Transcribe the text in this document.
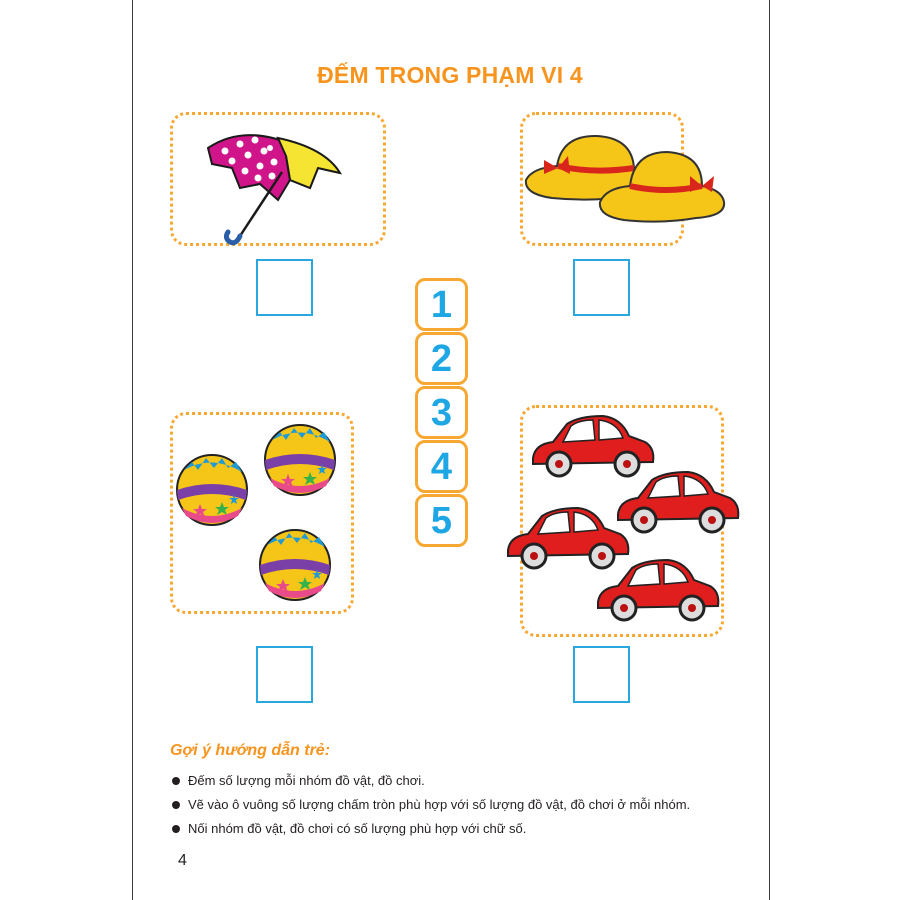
ĐẾM TRONG PHẠM VI 4
1
2
3
4
5
Gợi ý hướng dẫn trẻ:
Đếm số lượng mỗi nhóm đồ vật, đồ chơi.
Vẽ vào ô vuông số lượng chấm tròn phù hợp với số lượng đồ vật, đồ chơi ở mỗi nhóm.
Nối nhóm đồ vật, đồ chơi có số lượng phù hợp với chữ số.
4
